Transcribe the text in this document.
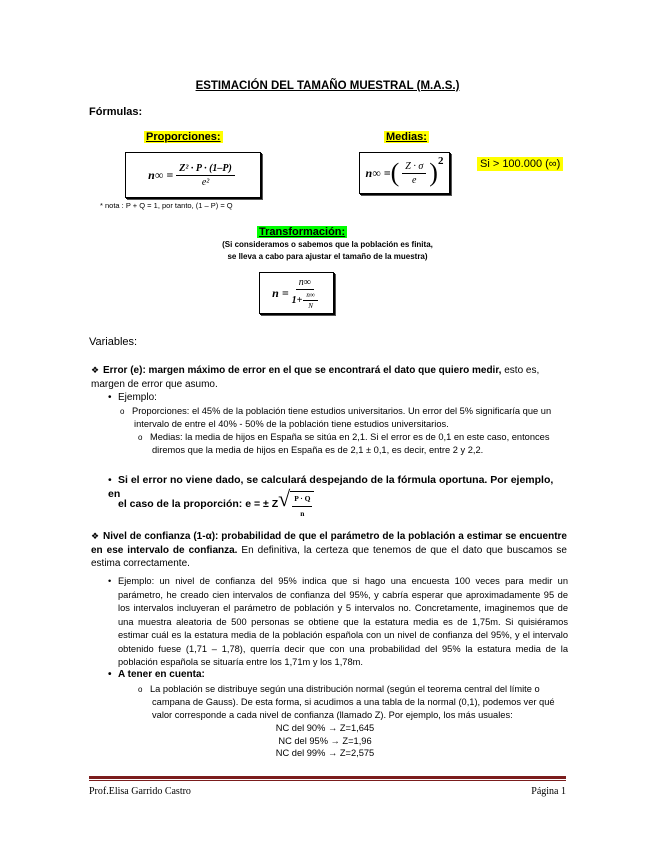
ESTIMACIÓN DEL TAMAÑO MUESTRAL (M.A.S.)
Fórmulas:
Proporciones:
$n\infty = \frac{\text{Z² · P · (1–P)}}{\text{e²}}$
* nota : P + Q = 1, por tanto, (1 – P) = Q
Medias:
n∞ = ( $\frac{Z \cdot \sigma}{e}$ ) 2	Si > 100.000 (∞)
Transformación:
(Si consideramos o sabemos que la población es finita,
se lleva a cabo para ajustar el tamaño de la muestra)
$n = \frac{n\infty}{1+ \frac{n\infty}{N}}$
Variables:
❖ Error (e): margen máximo de error en el que se encontrará el dato que quiero medir, esto es, margen de error que asumo.
• Ejemplo:
o Proporciones: el 45% de la población tiene estudios universitarios. Un error del 5% significaría que un intervalo de entre el 40% - 50% de la población tiene estudios universitarios.
o Medias: la media de hijos en España se sitúa en 2,1. Si el error es de 0,1 en este caso, entonces diremos que la media de hijos en España es de 2,1 ± 0,1, es decir, entre 2 y 2,2.
• Si el error no viene dado, se calculará despejando de la fórmula oportuna. Por ejemplo, en
el caso de la proporción:
e = ± Z √ P · Q
n
❖ Nivel de confianza (1-α): probabilidad de que el parámetro de la población a estimar se encuentre en ese intervalo de confianza. En definitiva, la certeza que tenemos de que el dato que buscamos se estima correctamente.
• Ejemplo: un nivel de confianza del 95% indica que si hago una encuesta 100 veces para medir un parámetro, he creado cien intervalos de confianza del 95%, y cabría esperar que aproximadamente 95 de los intervalos incluyeran el parámetro de población y 5 intervalos no. Concretamente, imaginemos que de una muestra aleatoria de 500 personas se obtiene que la estatura media es de 1,75m. Si quisiéramos estimar cuál es la estatura media de la población española con un nivel de confianza del 95%, y el intervalo obtenido fuese (1,71 – 1,78), querría decir que con una probabilidad del 95% la estatura media de la población española se situaría entre los 1,71m y los 1,78m.
• A tener en cuenta:
o La población se distribuye según una distribución normal (según el teorema central del límite o campana de Gauss). De esta forma, si acudimos a una tabla de la normal (0,1), podemos ver qué valor corresponde a cada nivel de confianza (llamado Z). Por ejemplo, los más usuales:
NC del 90% → Z=1,645
NC del 95% → Z=1,96
NC del 99% → Z=2,575
Prof.Elisa Garrido Castro	Página 1
